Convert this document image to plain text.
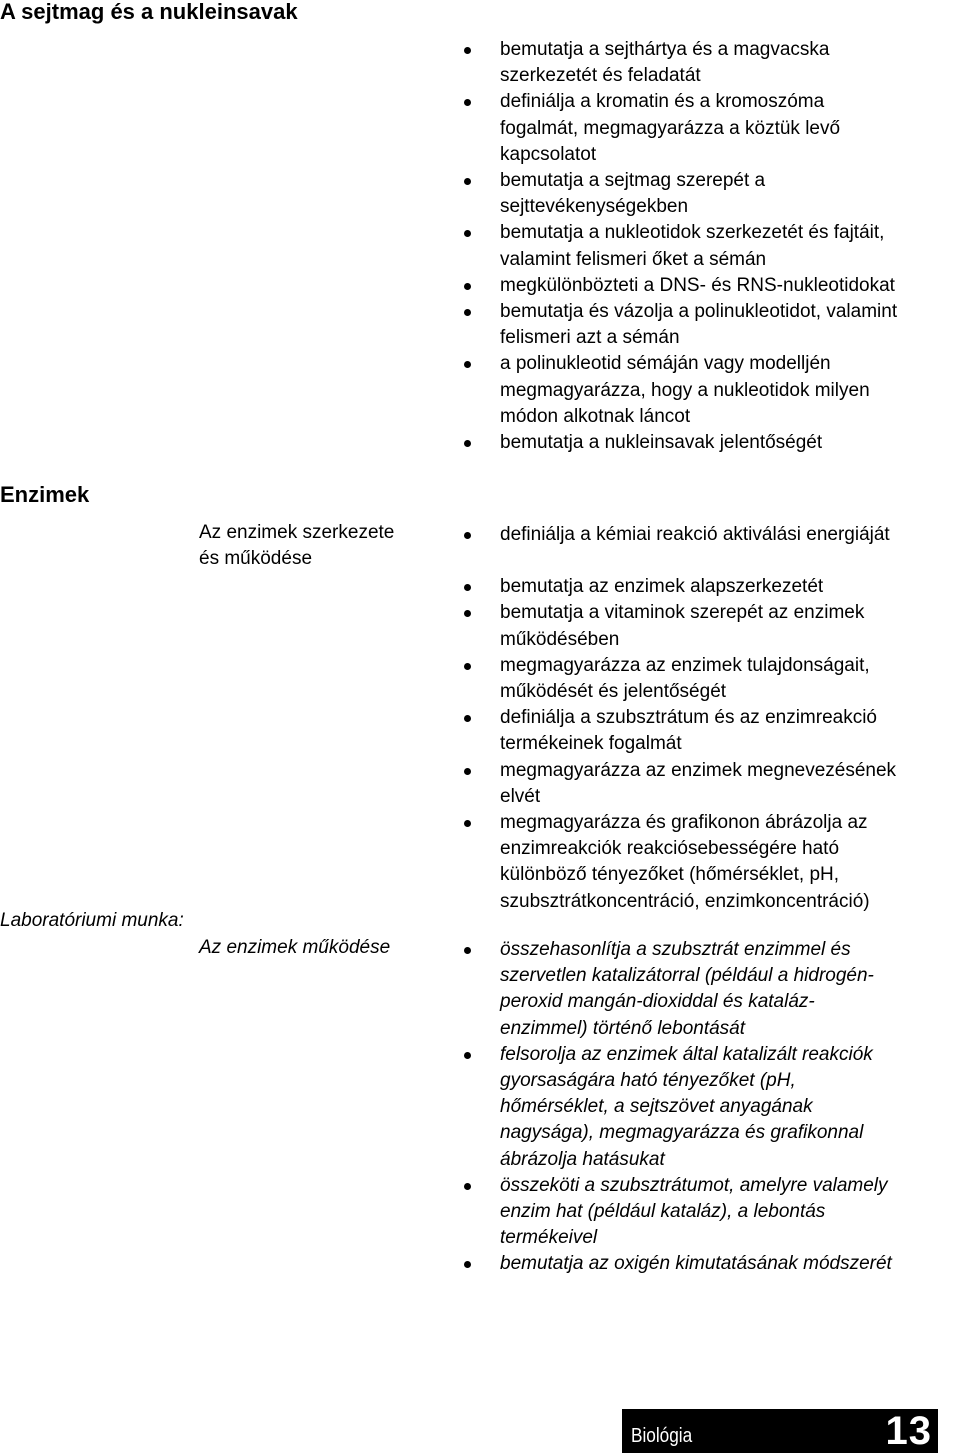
A sejtmag és a nukleinsavak
bemutatja a sejthártya és a magvacska
szerkezetét és feladatát
definiálja a kromatin és a kromoszóma
fogalmát, megmagyarázza a köztük levő
kapcsolatot
bemutatja a sejtmag szerepét a
sejttevékenységekben
bemutatja a nukleotidok szerkezetét és fajtáit,
valamint felismeri őket a sémán
megkülönbözteti a DNS- és RNS-nukleotidokat
bemutatja és vázolja a polinukleotidot, valamint
felismeri azt a sémán
a polinukleotid sémáján vagy modelljén
megmagyarázza, hogy a nukleotidok milyen
módon alkotnak láncot
bemutatja a nukleinsavak jelentőségét
Enzimek
Az enzimek szerkezete
és működése
definiálja a kémiai reakció aktiválási energiáját
bemutatja az enzimek alapszerkezetét
bemutatja a vitaminok szerepét az enzimek
működésében
megmagyarázza az enzimek tulajdonságait,
működését és jelentőségét
definiálja a szubsztrátum és az enzimreakció
termékeinek fogalmát
megmagyarázza az enzimek megnevezésének
elvét
megmagyarázza és grafikonon ábrázolja az
enzimreakciók reakciósebességére ható
különböző tényezőket (hőmérséklet, pH,
szubsztrátkoncentráció, enzimkoncentráció)
Laboratóriumi munka:
Az enzimek működése	összehasonlítja a szubsztrát enzimmel és
szervetlen katalizátorral (például a hidrogén-
peroxid mangán-dioxiddal és kataláz-
enzimmel) történő lebontását
felsorolja az enzimek által katalizált reakciók
gyorsaságára ható tényezőket (pH,
hőmérséklet, a sejtszövet anyagának
nagysága), megmagyarázza és grafikonnal
ábrázolja hatásukat
összeköti a szubsztrátumot, amelyre valamely
enzim hat (például kataláz), a lebontás
termékeivel
bemutatja az oxigén kimutatásának módszerét
Biológia	13
